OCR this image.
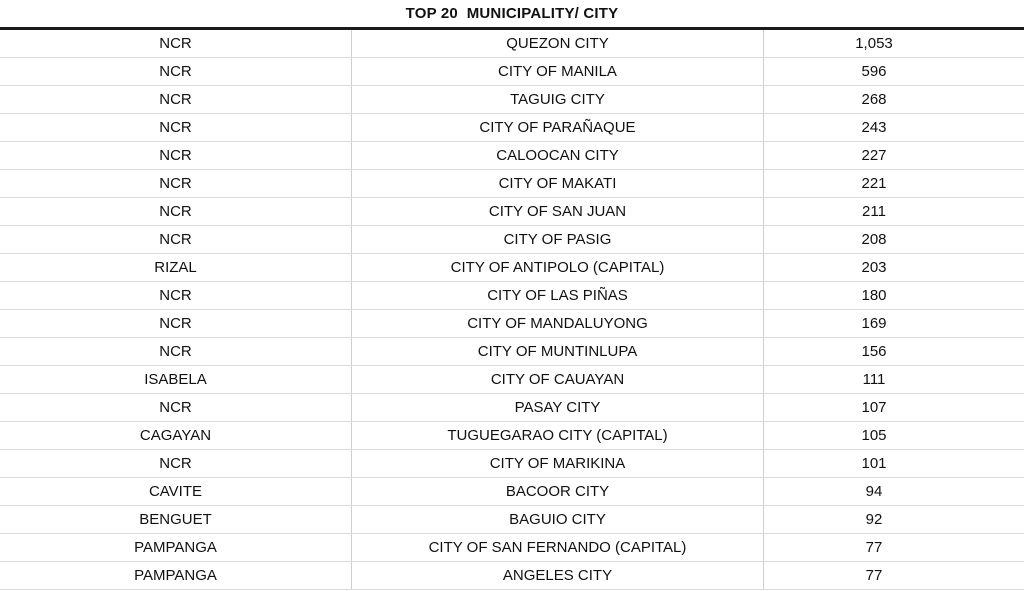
TOP 20  MUNICIPALITY/ CITY
NCR	QUEZON CITY	1,053
NCR	CITY OF MANILA	596
NCR	TAGUIG CITY	268
NCR	CITY OF PARAÑAQUE	243
NCR	CALOOCAN CITY	227
NCR	CITY OF MAKATI	221
NCR	CITY OF SAN JUAN	211
NCR	CITY OF PASIG	208
RIZAL	CITY OF ANTIPOLO (CAPITAL)	203
NCR	CITY OF LAS PIÑAS	180
NCR	CITY OF MANDALUYONG	169
NCR	CITY OF MUNTINLUPA	156
ISABELA	CITY OF CAUAYAN	111
NCR	PASAY CITY	107
CAGAYAN	TUGUEGARAO CITY (CAPITAL)	105
NCR	CITY OF MARIKINA	101
CAVITE	BACOOR CITY	94
BENGUET	BAGUIO CITY	92
PAMPANGA	CITY OF SAN FERNANDO (CAPITAL)	77
PAMPANGA	ANGELES CITY	77
